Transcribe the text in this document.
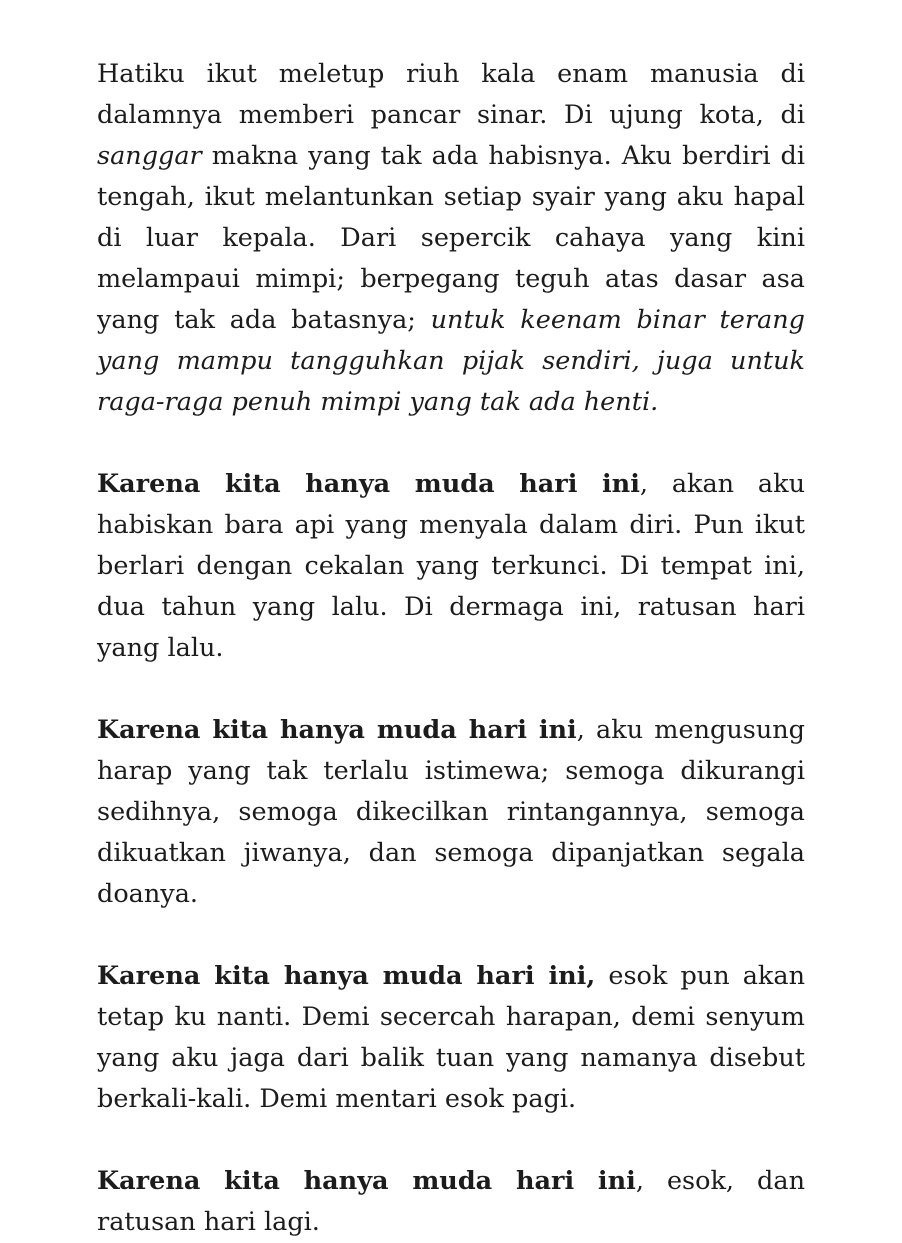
Hatiku ikut meletup riuh kala enam manusia di dalamnya memberi pancar sinar. Di ujung kota, di sanggar makna yang tak ada habisnya. Aku berdiri di tengah, ikut melantunkan setiap syair yang aku hapal di luar kepala. Dari sepercik cahaya yang kini melampaui mimpi; berpegang teguh atas dasar asa yang tak ada batasnya; untuk keenam binar terang yang mampu tangguhkan pijak sendiri, juga untuk raga-raga penuh mimpi yang tak ada henti.

Karena kita hanya muda hari ini, akan aku habiskan bara api yang menyala dalam diri. Pun ikut berlari dengan cekalan yang terkunci. Di tempat ini, dua tahun yang lalu. Di dermaga ini, ratusan hari yang lalu.

Karena kita hanya muda hari ini, aku mengusung harap yang tak terlalu istimewa; semoga dikurangi sedihnya, semoga dikecilkan rintangannya, semoga dikuatkan jiwanya, dan semoga dipanjatkan segala doanya.

Karena kita hanya muda hari ini, esok pun akan tetap ku nanti. Demi secercah harapan, demi senyum yang aku jaga dari balik tuan yang namanya disebut berkali-kali. Demi mentari esok pagi.

Karena kita hanya muda hari ini, esok, dan ratusan hari lagi.
